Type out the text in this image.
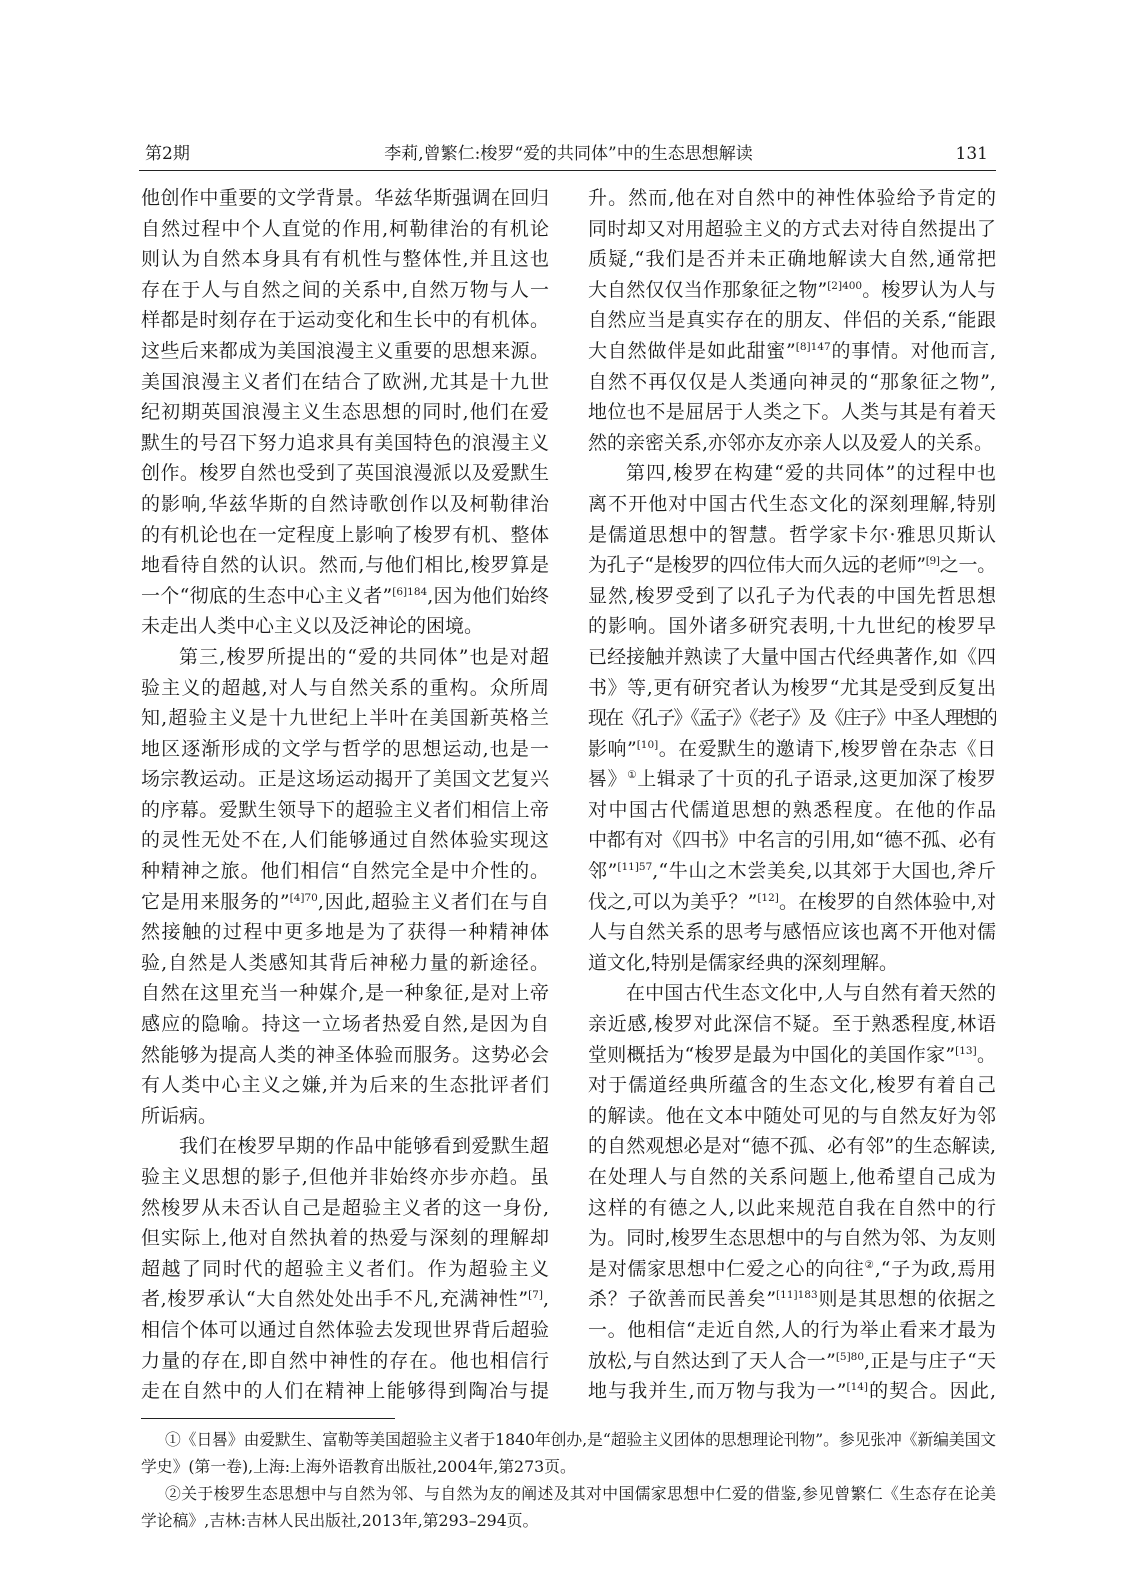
李莉,曾繁仁:梭罗“爱的共同体”中的生态思想解读
第2期	131
他创作中重要的文学背景。华兹华斯强调在回归
自然过程中个人直觉的作用,柯勒律治的有机论
则认为自然本身具有有机性与整体性,并且这也
存在于人与自然之间的关系中,自然万物与人一
样都是时刻存在于运动变化和生长中的有机体。
这些后来都成为美国浪漫主义重要的思想来源。
美国浪漫主义者们在结合了欧洲,尤其是十九世
纪初期英国浪漫主义生态思想的同时,他们在爱
默生的号召下努力追求具有美国特色的浪漫主义
创作。梭罗自然也受到了英国浪漫派以及爱默生
的影响,华兹华斯的自然诗歌创作以及柯勒律治
的有机论也在一定程度上影响了梭罗有机、整体
地看待自然的认识。然而,与他们相比,梭罗算是
一个“彻底的生态中心主义者”$^{[6]184}$,因为他们始终
未走出人类中心主义以及泛神论的困境。
第三,梭罗所提出的“爱的共同体”也是对超
验主义的超越,对人与自然关系的重构。众所周
知,超验主义是十九世纪上半叶在美国新英格兰
地区逐渐形成的文学与哲学的思想运动,也是一
场宗教运动。正是这场运动揭开了美国文艺复兴
的序幕。爱默生领导下的超验主义者们相信上帝
的灵性无处不在,人们能够通过自然体验实现这
种精神之旅。他们相信“自然完全是中介性的。
它是用来服务的”$^{[4]70}$,因此,超验主义者们在与自
然接触的过程中更多地是为了获得一种精神体
验,自然是人类感知其背后神秘力量的新途径。
自然在这里充当一种媒介,是一种象征,是对上帝
感应的隐喻。持这一立场者热爱自然,是因为自
然能够为提高人类的神圣体验而服务。这势必会
有人类中心主义之嫌,并为后来的生态批评者们
所诟病。
我们在梭罗早期的作品中能够看到爱默生超
验主义思想的影子,但他并非始终亦步亦趋。虽
然梭罗从未否认自己是超验主义者的这一身份,
但实际上,他对自然执着的热爱与深刻的理解却
超越了同时代的超验主义者们。作为超验主义
者,梭罗承认“大自然处处出手不凡,充满神性”[7],
相信个体可以通过自然体验去发现世界背后超验
力量的存在,即自然中神性的存在。他也相信行
走在自然中的人们在精神上能够得到陶冶与提
升。然而,他在对自然中的神性体验给予肯定的
同时却又对用超验主义的方式去对待自然提出了
质疑,“我们是否并未正确地解读大自然,通常把
大自然仅仅当作那象征之物”$^{[2]400}$。梭罗认为人与
自然应当是真实存在的朋友、伴侣的关系,“能跟
大自然做伴是如此甜蜜”$^{[8]147}$的事情。对他而言,
自然不再仅仅是人类通向神灵的“那象征之物”,
地位也不是屈居于人类之下。人类与其是有着天
然的亲密关系,亦邻亦友亦亲人以及爱人的关系。
第四,梭罗在构建“爱的共同体”的过程中也
离不开他对中国古代生态文化的深刻理解,特别
是儒道思想中的智慧。哲学家卡尔·雅思贝斯认
为孔子“是梭罗的四位伟大而久远的老师”[9]之一。
显然,梭罗受到了以孔子为代表的中国先哲思想
的影响。国外诸多研究表明,十九世纪的梭罗早
已经接触并熟读了大量中国古代经典著作,如《四
书》等,更有研究者认为梭罗“尤其是受到反复出
现在《孔子》《孟子》《老子》及《庄子》中圣人理想的
影响”[10]。在爱默生的邀请下,梭罗曾在杂志《日
晷》①上辑录了十页的孔子语录,这更加深了梭罗
对中国古代儒道思想的熟悉程度。在他的作品
中都有对《四书》中名言的引用,如“德不孤、必有
邻”$^{[11]57}$,“牛山之木尝美矣,以其郊于大国也,斧斤
伐之,可以为美乎？”[12]。在梭罗的自然体验中,对
人与自然关系的思考与感悟应该也离不开他对儒
道文化,特别是儒家经典的深刻理解。
在中国古代生态文化中,人与自然有着天然的
亲近感,梭罗对此深信不疑。至于熟悉程度,林语
堂则概括为“梭罗是最为中国化的美国作家”[13]。
对于儒道经典所蕴含的生态文化,梭罗有着自己
的解读。他在文本中随处可见的与自然友好为邻
的自然观想必是对“德不孤、必有邻”的生态解读,
在处理人与自然的关系问题上,他希望自己成为
这样的有德之人,以此来规范自我在自然中的行
为。同时,梭罗生态思想中的与自然为邻、为友则
是对儒家思想中仁爱之心的向往②,“子为政,焉用
杀？子欲善而民善矣”$^{[11]183}$则是其思想的依据之
一。他相信“走近自然,人的行为举止看来才最为
放松,与自然达到了天人合一”$^{[5]80}$,正是与庄子“天
地与我并生,而万物与我为一”[14]的契合。因此,
①《日晷》由爱默生、富勒等美国超验主义者于1840年创办,是“超验主义团体的思想理论刊物”。参见张冲《新编美国文
学史》(第一卷),上海:上海外语教育出版社,2004年,第273页。
②关于梭罗生态思想中与自然为邻、与自然为友的阐述及其对中国儒家思想中仁爱的借鉴,参见曾繁仁《生态存在论美
学论稿》,吉林:吉林人民出版社,2013年,第293–294页。
